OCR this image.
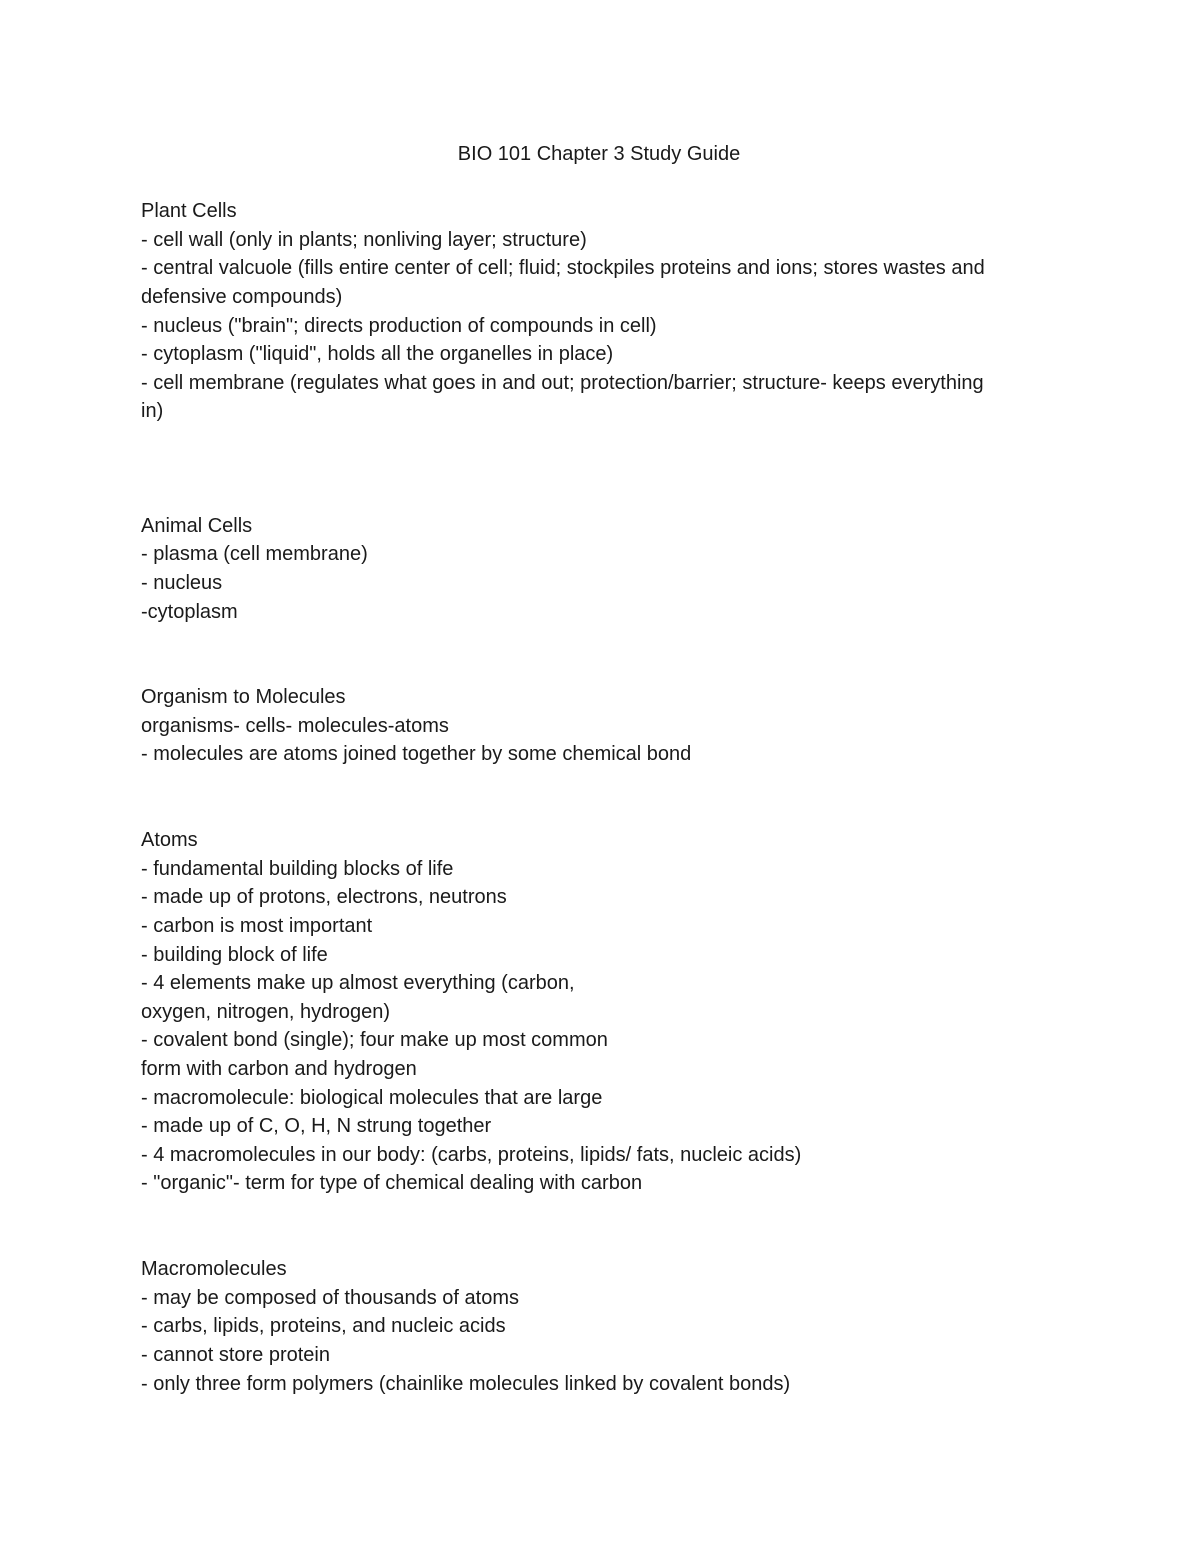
BIO 101 Chapter 3 Study Guide
Plant Cells
- cell wall (only in plants; nonliving layer; structure)
- central valcuole (fills entire center of cell; fluid; stockpiles proteins and ions; stores wastes and
defensive compounds)
- nucleus ("brain"; directs production of compounds in cell)
- cytoplasm ("liquid", holds all the organelles in place)
- cell membrane (regulates what goes in and out; protection/barrier; structure- keeps everything
in)
Animal Cells
- plasma (cell membrane)
- nucleus
-cytoplasm
Organism to Molecules
organisms- cells- molecules-atoms
- molecules are atoms joined together by some chemical bond
Atoms
- fundamental building blocks of life
- made up of protons, electrons, neutrons
- carbon is most important
- building block of life
- 4 elements make up almost everything (carbon,
oxygen, nitrogen, hydrogen)
- covalent bond (single); four make up most common
form with carbon and hydrogen
- macromolecule: biological molecules that are large
- made up of C, O, H, N strung together
- 4 macromolecules in our body: (carbs, proteins, lipids/ fats, nucleic acids)
- "organic"- term for type of chemical dealing with carbon
Macromolecules
- may be composed of thousands of atoms
- carbs, lipids, proteins, and nucleic acids
- cannot store protein
- only three form polymers (chainlike molecules linked by covalent bonds)
